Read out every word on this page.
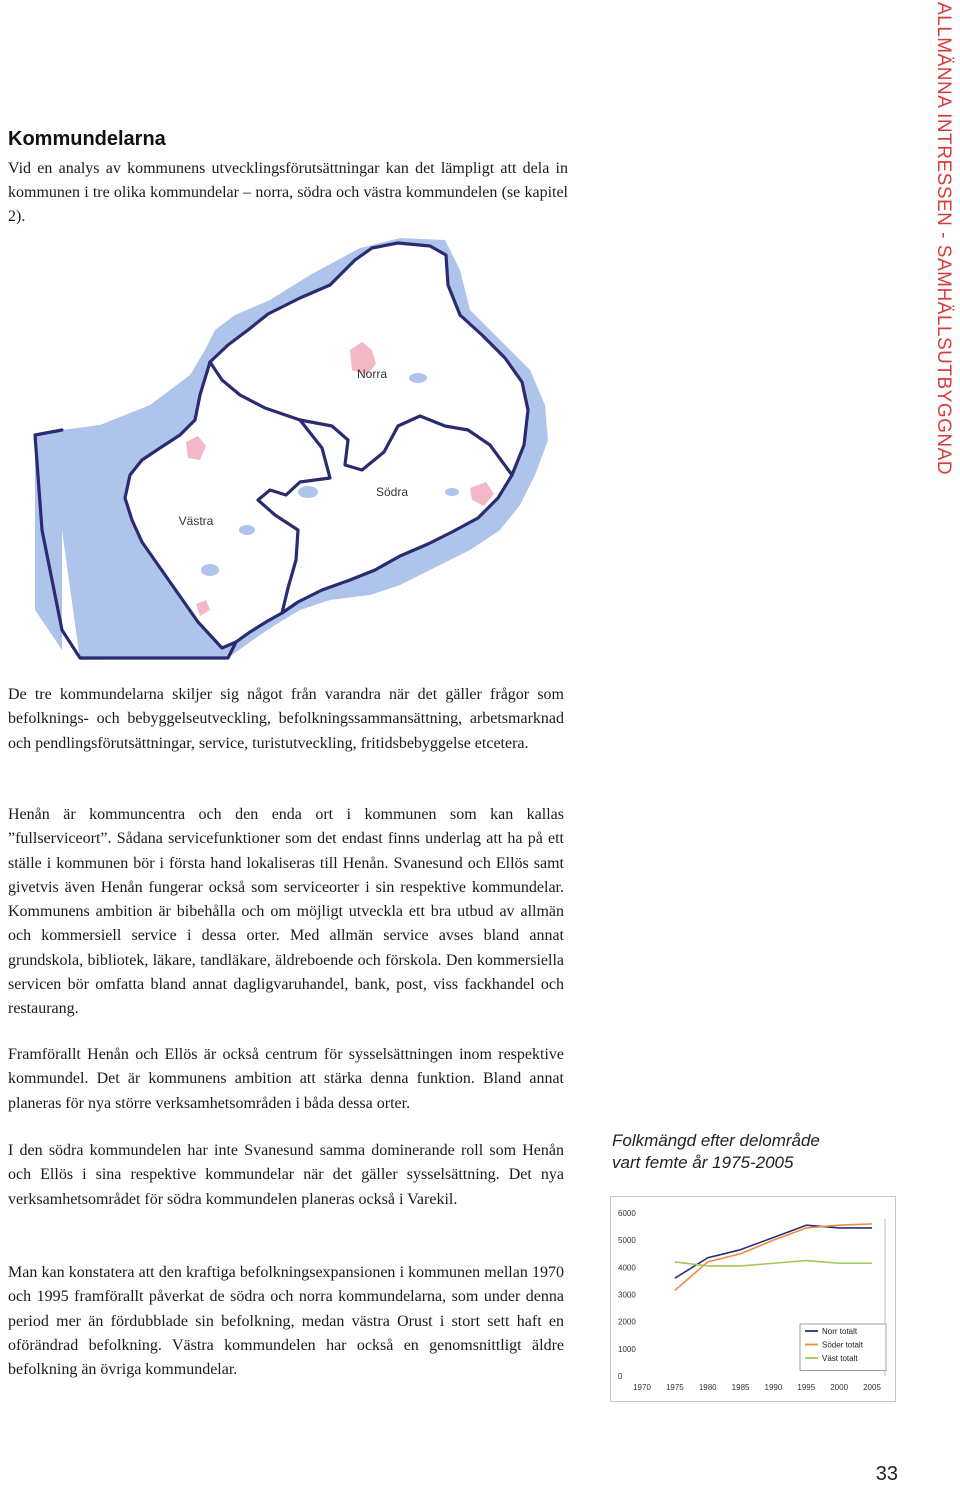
ALLMÄNNA INTRESSEN - SAMHÄLLSUTBYGGNAD
Kommundelarna

Vid en analys av kommunens utvecklingsförutsättningar kan det lämpligt att dela in kommunen i tre olika kommundelar – norra, södra och västra kommundelen (se kapitel 2).

Norra
Södra
Västra

De tre kommundelarna skiljer sig något från varandra när det gäller frågor som befolknings- och bebyggelseutveckling, befolkningssammansättning, arbetsmarknad och pendlingsförutsättningar, service, turistutveckling, fritidsbebyggelse etcetera.

Henån är kommuncentra och den enda ort i kommunen som kan kallas ”fullserviceort”. Sådana servicefunktioner som det endast finns underlag att ha på ett ställe i kommunen bör i första hand lokaliseras till Henån. Svanesund och Ellös samt givetvis även Henån fungerar också som serviceorter i sin respektive kommundelar. Kommunens ambition är bibehålla och om möjligt utveckla ett bra utbud av allmän och kommersiell service i dessa orter. Med allmän service avses bland annat grundskola, bibliotek, läkare, tandläkare, äldreboende och förskola. Den kommersiella servicen bör omfatta bland annat dagligvaruhandel, bank, post, viss fackhandel och restaurang.

Framförallt Henån och Ellös är också centrum för sysselsättningen inom respektive kommundel. Det är kommunens ambition att stärka denna funktion. Bland annat planeras för nya större verksamhetsområden i båda dessa orter.

I den södra kommundelen har inte Svanesund samma dominerande roll som Henån och Ellös i sina respektive kommundelar när det gäller sysselsättning. Det nya verksamhetsområdet för södra kommundelen planeras också i Varekil.

Man kan konstatera att den kraftiga befolkningsexpansionen i kommunen mellan 1970 och 1995 framförallt påverkat de södra och norra kommundelarna, som under denna period mer än fördubblade sin befolkning, medan västra Orust i stort sett haft en oförändrad befolkning. Västra kommundelen har också en genomsnittligt äldre befolkning än övriga kommundelar.

Folkmängd efter delområde
vart femte år 1975-2005
0
1000
2000
3000
4000
5000
6000
1970 1975 1980 1985 1990 1995 2000 2005
Norr totalt
Söder totalt
Väst totalt
33
